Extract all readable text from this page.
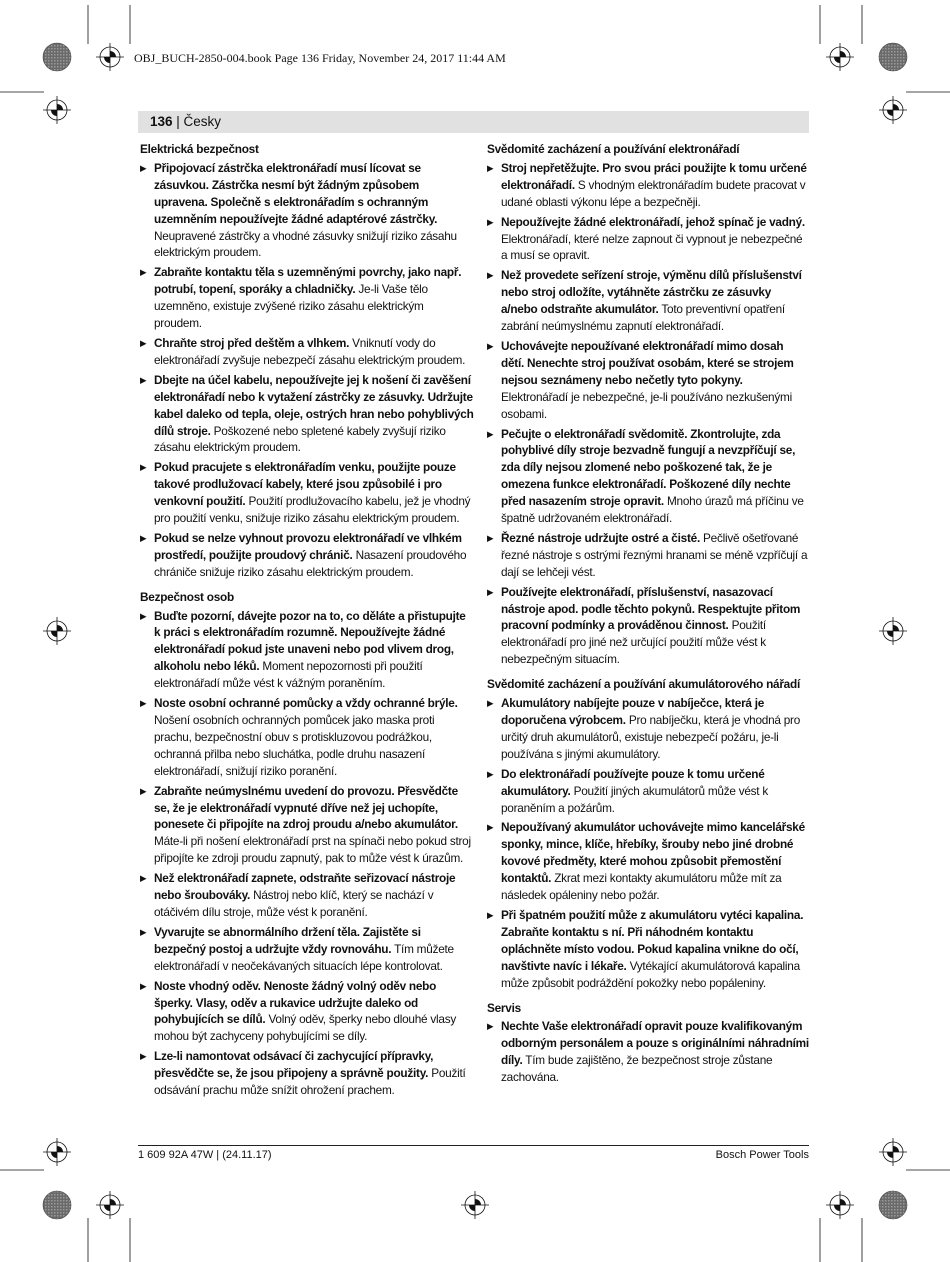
OBJ_BUCH-2850-004.book Page 136 Friday, November 24, 2017 11:44 AM
136 | Česky
Elektrická bezpečnost
▶ Připojovací zástrčka elektronářadí musí lícovat se zásuvkou. Zástrčka nesmí být žádným způsobem upravena. Společně s elektronářadím s ochranným uzemněním nepoužívejte žádné adaptérové zástrčky. Neupravené zástrčky a vhodné zásuvky snižují riziko zásahu elektrickým proudem.
▶ Zabraňte kontaktu těla s uzemněnými povrchy, jako např. potrubí, topení, sporáky a chladničky. Je-li Vaše tělo uzemněno, existuje zvýšené riziko zásahu elektrickým proudem.
▶ Chraňte stroj před deštěm a vlhkem. Vniknutí vody do elektronářadí zvyšuje nebezpečí zásahu elektrickým proudem.
▶ Dbejte na účel kabelu, nepoužívejte jej k nošení či zavěšení elektronářadí nebo k vytažení zástrčky ze zásuvky. Udržujte kabel daleko od tepla, oleje, ostrých hran nebo pohyblivých dílů stroje. Poškozené nebo spletené kabely zvyšují riziko zásahu elektrickým proudem.
▶ Pokud pracujete s elektronářadím venku, použijte pouze takové prodlužovací kabely, které jsou způsobilé i pro venkovní použití. Použití prodlužovacího kabelu, jež je vhodný pro použití venku, snižuje riziko zásahu elektrickým proudem.
▶ Pokud se nelze vyhnout provozu elektronářadí ve vlhkém prostředí, použijte proudový chránič. Nasazení proudového chrániče snižuje riziko zásahu elektrickým proudem.
Bezpečnost osob
▶ Buďte pozorní, dávejte pozor na to, co děláte a přistupujte k práci s elektronářadím rozumně. Nepoužívejte žádné elektronářadí pokud jste unaveni nebo pod vlivem drog, alkoholu nebo léků. Moment nepozornosti při použití elektronářadí může vést k vážným poraněním.
▶ Noste osobní ochranné pomůcky a vždy ochranné brýle. Nošení osobních ochranných pomůcek jako maska proti prachu, bezpečnostní obuv s protiskluzovou podrážkou, ochranná přilba nebo sluchátka, podle druhu nasazení elektronářadí, snižují riziko poranění.
▶ Zabraňte neúmyslnému uvedení do provozu. Přesvědčte se, že je elektronářadí vypnuté dříve než jej uchopíte, ponesete či připojíte na zdroj proudu a/nebo akumulátor. Máte-li při nošení elektronářadí prst na spínači nebo pokud stroj připojíte ke zdroji proudu zapnutý, pak to může vést k úrazům.
▶ Než elektronářadí zapnete, odstraňte seřizovací nástroje nebo šroubováky. Nástroj nebo klíč, který se nachází v otáčivém dílu stroje, může vést k poranění.
▶ Vyvarujte se abnormálního držení těla. Zajistěte si bezpečný postoj a udržujte vždy rovnováhu. Tím můžete elektronářadí v neočekávaných situacích lépe kontrolovat.
▶ Noste vhodný oděv. Nenoste žádný volný oděv nebo šperky. Vlasy, oděv a rukavice udržujte daleko od pohybujících se dílů. Volný oděv, šperky nebo dlouhé vlasy mohou být zachyceny pohybujícími se díly.
▶ Lze-li namontovat odsávací či zachycující přípravky, přesvědčte se, že jsou připojeny a správně použity. Použití odsávání prachu může snížit ohrožení prachem.
Svědomité zacházení a používání elektronářadí
▶ Stroj nepřetěžujte. Pro svou práci použijte k tomu určené elektronářadí. S vhodným elektronářadím budete pracovat v udané oblasti výkonu lépe a bezpečněji.
▶ Nepoužívejte žádné elektronářadí, jehož spínač je vadný. Elektronářadí, které nelze zapnout či vypnout je nebezpečné a musí se opravit.
▶ Než provedete seřízení stroje, výměnu dílů příslušenství nebo stroj odložíte, vytáhněte zástrčku ze zásuvky a/nebo odstraňte akumulátor. Toto preventivní opatření zabrání neúmyslnému zapnutí elektronářadí.
▶ Uchovávejte nepoužívané elektronářadí mimo dosah dětí. Nenechte stroj používat osobám, které se strojem nejsou seznámeny nebo nečetly tyto pokyny. Elektronářadí je nebezpečné, je-li používáno nezkušenými osobami.
▶ Pečujte o elektronářadí svědomitě. Zkontrolujte, zda pohyblivé díly stroje bezvadně fungují a nevzpříčují se, zda díly nejsou zlomené nebo poškozené tak, že je omezena funkce elektronářadí. Poškozené díly nechte před nasazením stroje opravit. Mnoho úrazů má příčinu ve špatně udržovaném elektronářadí.
▶ Řezné nástroje udržujte ostré a čisté. Pečlivě ošetřované řezné nástroje s ostrými řeznými hranami se méně vzpříčují a dají se lehčeji vést.
▶ Používejte elektronářadí, příslušenství, nasazovací nástroje apod. podle těchto pokynů. Respektujte přitom pracovní podmínky a prováděnou činnost. Použití elektronářadí pro jiné než určující použití může vést k nebezpečným situacím.
Svědomité zacházení a používání akumulátorového nářadí
▶ Akumulátory nabíjejte pouze v nabíječce, která je doporučena výrobcem. Pro nabíječku, která je vhodná pro určitý druh akumulátorů, existuje nebezpečí požáru, je-li používána s jinými akumulátory.
▶ Do elektronářadí používejte pouze k tomu určené akumulátory. Použití jiných akumulátorů může vést k poraněním a požárům.
▶ Nepoužívaný akumulátor uchovávejte mimo kancelářské sponky, mince, klíče, hřebíky, šrouby nebo jiné drobné kovové předměty, které mohou způsobit přemostění kontaktů. Zkrat mezi kontakty akumulátoru může mít za následek opáleniny nebo požár.
▶ Při špatném použití může z akumulátoru vytéci kapalina. Zabraňte kontaktu s ní. Při náhodném kontaktu opláchněte místo vodou. Pokud kapalina vnikne do očí, navštivte navíc i lékaře. Vytékající akumulátorová kapalina může způsobit podráždění pokožky nebo popáleniny.
Servis
▶ Nechte Vaše elektronářadí opravit pouze kvalifikovaným odborným personálem a pouze s originálními náhradními díly. Tím bude zajištěno, že bezpečnost stroje zůstane zachována.
1 609 92A 47W | (24.11.17)	Bosch Power Tools
